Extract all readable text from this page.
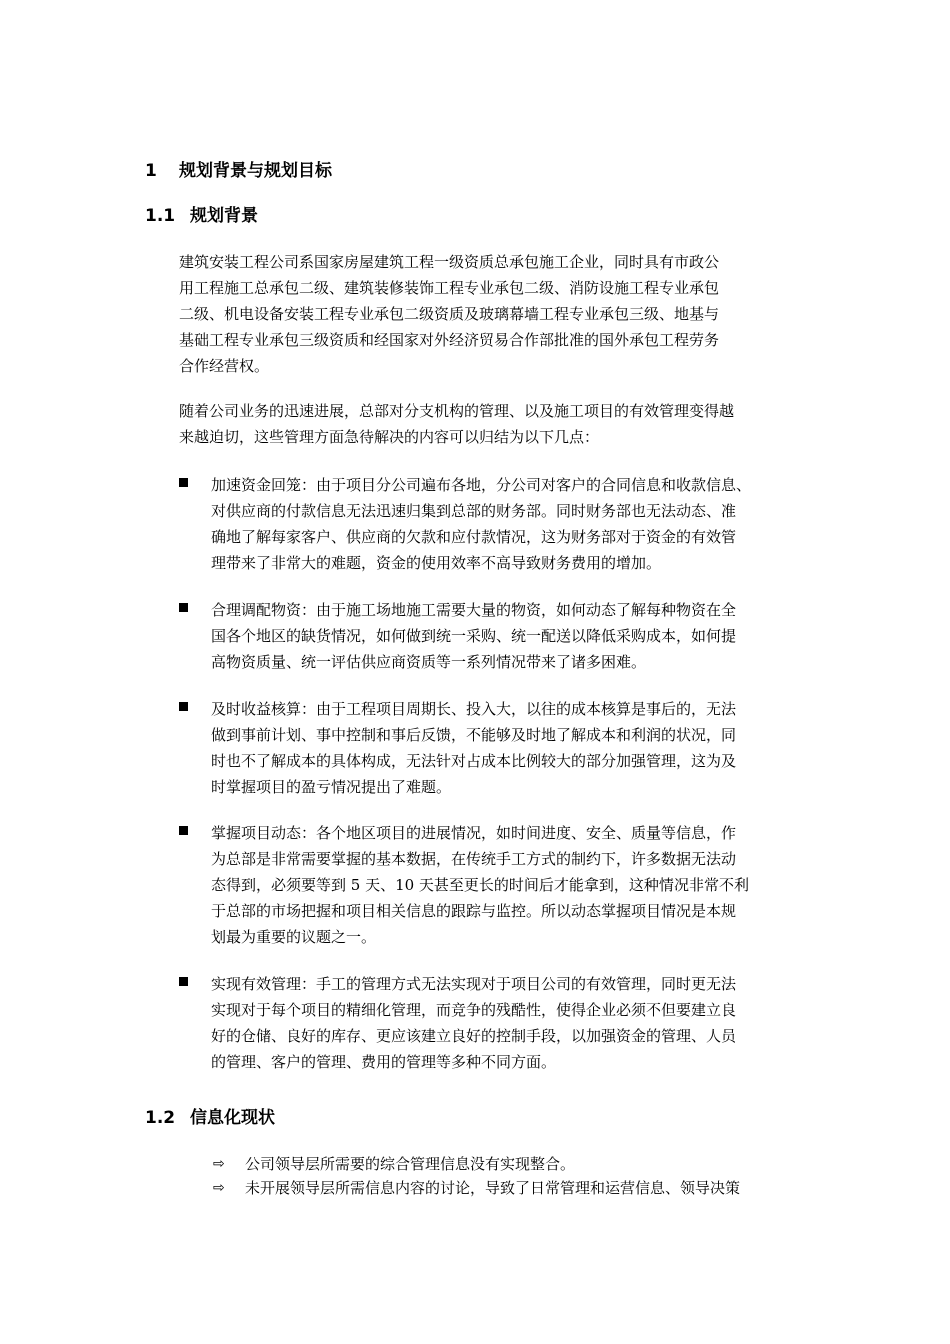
1 规划背景与规划目标
1.1 规划背景
建筑安装工程公司系国家房屋建筑工程一级资质总承包施工企业，同时具有市政公
用工程施工总承包二级、建筑装修装饰工程专业承包二级、消防设施工程专业承包
二级、机电设备安装工程专业承包二级资质及玻璃幕墙工程专业承包三级、地基与
基础工程专业承包三级资质和经国家对外经济贸易合作部批准的国外承包工程劳务
合作经营权。
随着公司业务的迅速进展，总部对分支机构的管理、以及施工项目的有效管理变得越
来越迫切，这些管理方面急待解决的内容可以归结为以下几点：
加速资金回笼：由于项目分公司遍布各地，分公司对客户的合同信息和收款信息、
对供应商的付款信息无法迅速归集到总部的财务部。同时财务部也无法动态、准
确地了解每家客户、供应商的欠款和应付款情况，这为财务部对于资金的有效管
理带来了非常大的难题，资金的使用效率不高导致财务费用的增加。
合理调配物资：由于施工场地施工需要大量的物资，如何动态了解每种物资在全
国各个地区的缺货情况，如何做到统一采购、统一配送以降低采购成本，如何提
高物资质量、统一评估供应商资质等一系列情况带来了诸多困难。
及时收益核算：由于工程项目周期长、投入大，以往的成本核算是事后的，无法
做到事前计划、事中控制和事后反馈，不能够及时地了解成本和利润的状况，同
时也不了解成本的具体构成，无法针对占成本比例较大的部分加强管理，这为及
时掌握项目的盈亏情况提出了难题。
掌握项目动态：各个地区项目的进展情况，如时间进度、安全、质量等信息，作
为总部是非常需要掌握的基本数据，在传统手工方式的制约下，许多数据无法动
态得到，必须要等到 5 天、10 天甚至更长的时间后才能拿到，这种情况非常不利
于总部的市场把握和项目相关信息的跟踪与监控。所以动态掌握项目情况是本规
划最为重要的议题之一。
实现有效管理：手工的管理方式无法实现对于项目公司的有效管理，同时更无法
实现对于每个项目的精细化管理，而竞争的残酷性，使得企业必须不但要建立良
好的仓储、良好的库存、更应该建立良好的控制手段，以加强资金的管理、人员
的管理、客户的管理、费用的管理等多种不同方面。
1.2 信息化现状
⇨ 公司领导层所需要的综合管理信息没有实现整合。
⇨ 未开展领导层所需信息内容的讨论，导致了日常管理和运营信息、领导决策
